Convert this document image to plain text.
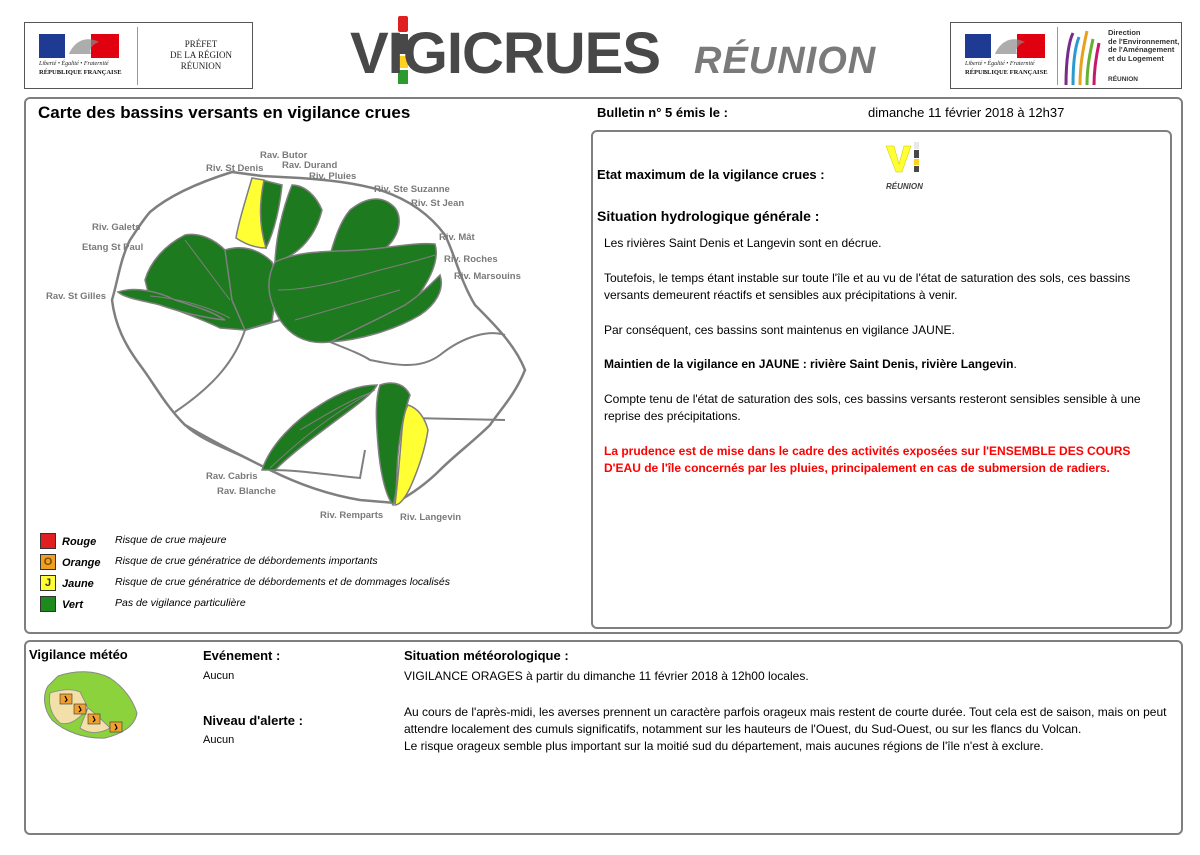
Liberté • Égalité • Fraternité
RÉPUBLIQUE FRANÇAISE
PRÉFET
DE LA RÉGION
RÉUNION	VIGICRUES RÉUNION	Liberté • Égalité • Fraternité
RÉPUBLIQUE FRANÇAISE
Direction
de l'Environnement,
de l'Aménagement
et du Logement
RÉUNION
Carte des bassins versants en vigilance crues
Rav. Butor
Rav. Durand
Riv. St Denis
Riv. Pluies
Riv. Ste Suzanne
Riv. St Jean
Riv. Galets
Etang St Paul
Riv. Mât
Riv. Roches
Riv. Marsouins
Rav. St Gilles
Rav. Cabris
Rav. Blanche
Riv. Remparts Riv. Langevin
R Rouge Risque de crue majeure
O Orange Risque de crue génératrice de débordements importants
J Jaune Risque de crue génératrice de débordements et de dommages localisés
V Vert	Pas de vigilance particulière
Bulletin n° 5 émis le :	dimanche 11 février 2018 à 12h37
Etat maximum de la vigilance crues :
RÉUNION
Situation hydrologique générale :
Les rivières Saint Denis et Langevin sont en décrue.
Toutefois, le temps étant instable sur toute l'île et au vu de l'état de saturation des sols, ces bassins versants demeurent réactifs et sensibles aux précipitations à venir.
Par conséquent, ces bassins sont maintenus en vigilance JAUNE.
Maintien de la vigilance en JAUNE : rivière Saint Denis, rivière Langevin.
Compte tenu de l'état de saturation des sols, ces bassins versants resteront sensibles sensible à une reprise des précipitations.
La prudence est de mise dans le cadre des activités exposées sur l'ENSEMBLE DES COURS D'EAU de l'île concernés par les pluies, principalement en cas de submersion de radiers.
Vigilance météo	Evénement :
Aucun
Niveau d'alerte :
Aucun
Situation météorologique :
VIGILANCE ORAGES à partir du dimanche 11 février 2018 à 12h00 locales.
Au cours de l'après-midi, les averses prennent un caractère parfois orageux mais restent de courte durée. Tout cela est de saison, mais on peut attendre localement des cumuls significatifs, notamment sur les hauteurs de l'Ouest, du Sud-Ouest, ou sur les flancs du Volcan.
Le risque orageux semble plus important sur la moitié sud du département, mais aucunes régions de l'île n'est à exclure.
